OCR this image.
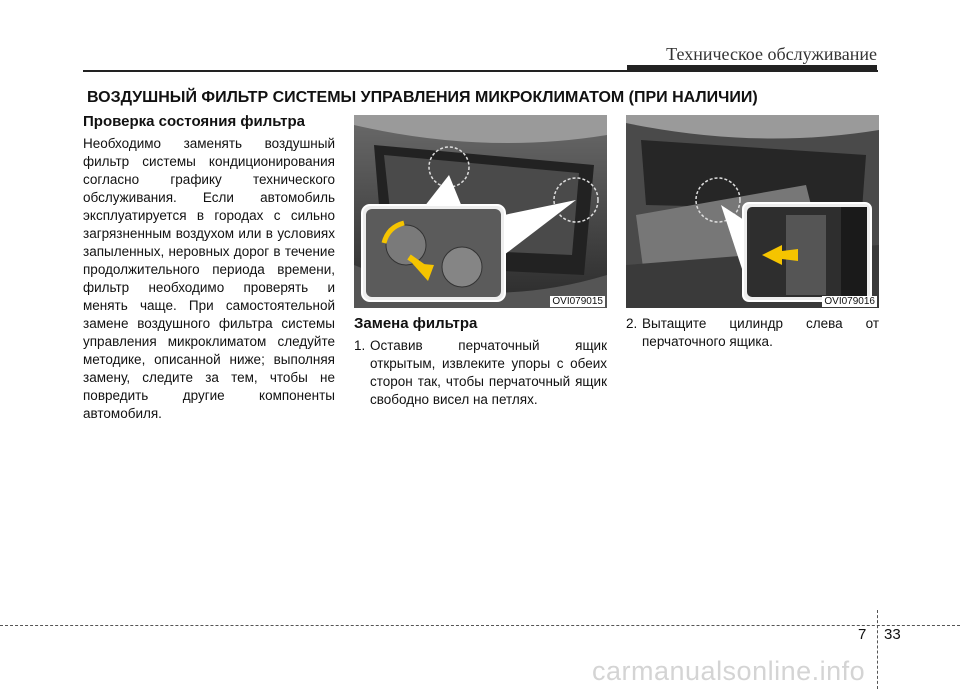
Техническое обслуживание
ВОЗДУШНЫЙ ФИЛЬТР СИСТЕМЫ УПРАВЛЕНИЯ МИКРОКЛИМАТОМ (ПРИ НАЛИЧИИ)

Проверка состояния фильтра

Необходимо заменять воздушный фильтр системы кондиционирования согласно графику технического обслуживания. Если автомобиль эксплуатируется в городах с сильно загрязненным воздухом или в условиях запыленных, неровных дорог в течение продолжительного периода времени, фильтр необходимо проверять и менять чаще. При самостоятельной замене воздушного фильтра системы управления микроклиматом следуйте методике, описанной ниже; выполняя замену, следите за тем, чтобы не повредить другие компоненты автомобиля.

OVI079015	OVI079016

Замена фильтра

1. Оставив перчаточный ящик открытым, извлеките упоры с обеих сторон так, чтобы перчаточный ящик свободно висел на петлях.
2. Вытащите цилиндр слева от перчаточного ящика.
7 33
carmanualsonline.info
